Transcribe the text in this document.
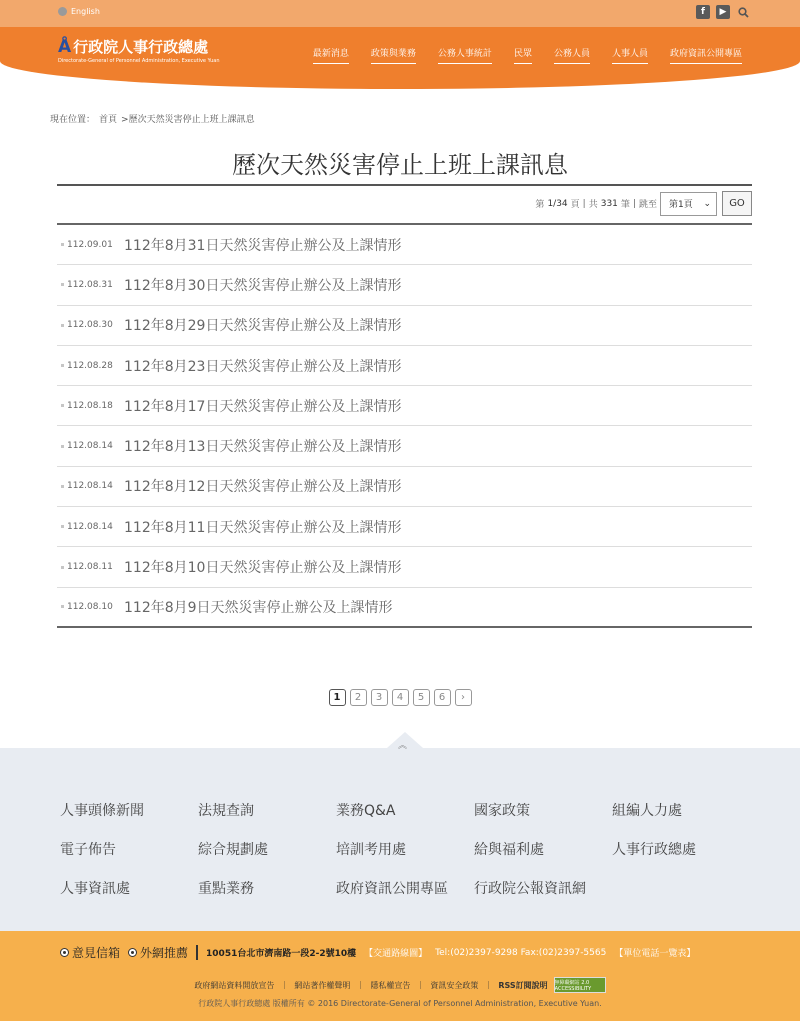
English	f	▶
Å 行政院人事行政總處
Directorate-General of Personnel Administration, Executive Yuan
最新消息 政策與業務 公務人事統計 民眾 公務人員 人事人員 政府資訊公開專區
現在位置： 首頁 >歷次天然災害停止上班上課訊息
歷次天然災害停止上班上課訊息
第 1/34 頁 | 共 331 筆 | 跳至 第1頁 ⌄	GO
112.09.01 112年8月31日天然災害停止辦公及上課情形
112.08.31 112年8月30日天然災害停止辦公及上課情形
112.08.30 112年8月29日天然災害停止辦公及上課情形
112.08.28 112年8月23日天然災害停止辦公及上課情形
112.08.18 112年8月17日天然災害停止辦公及上課情形
112.08.14 112年8月13日天然災害停止辦公及上課情形
112.08.14 112年8月12日天然災害停止辦公及上課情形
112.08.14 112年8月11日天然災害停止辦公及上課情形
112.08.11 112年8月10日天然災害停止辦公及上課情形
112.08.10 112年8月9日天然災害停止辦公及上課情形
1	2	3	4	5	6	›
︽
人事頭條新聞	法規查詢	業務Q&A	國家政策	組編人力處
電子佈告	綜合規劃處	培訓考用處	給與福利處	人事行政總處
人事資訊處	重點業務	政府資訊公開專區	行政院公報資訊網
意見信箱 外網推薦 10051台北市濟南路一段2-2號10樓 【交通路線圖】 Tel:(02)2397-9298 Fax:(02)2397-5565 【單位電話一覽表】
政府網站資料開放宣告 ｜ 網站著作權聲明 ｜ 隱私權宣告 ｜ 資訊安全政策 ｜ RSS訂閱說明 無障礙網站 2.0 ACCESSIBILITY
行政院人事行政總處 版權所有 © 2016 Directorate-General of Personnel Administration, Executive Yuan.
